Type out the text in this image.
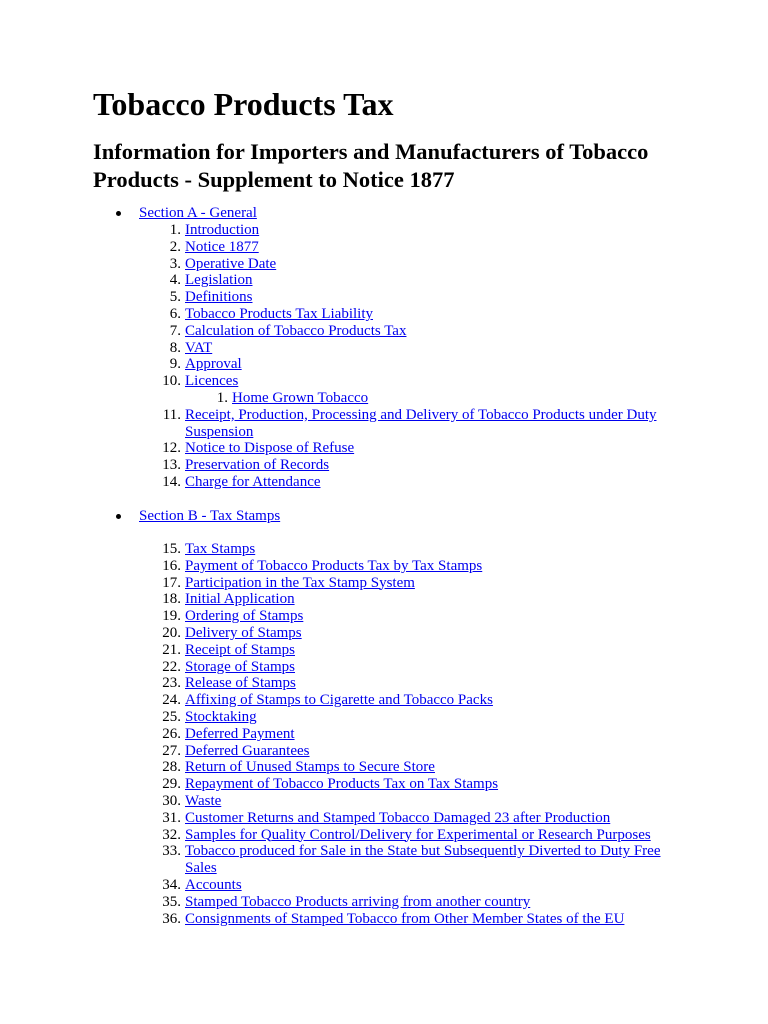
Tobacco Products Tax
Information for Importers and Manufacturers of Tobacco Products - Supplement to Notice 1877
Section A - General
1. Introduction
2. Notice 1877
3. Operative Date
4. Legislation
5. Definitions
6. Tobacco Products Tax Liability
7. Calculation of Tobacco Products Tax
8. VAT
9. Approval
10. Licences
1. Home Grown Tobacco
11. Receipt, Production, Processing and Delivery of Tobacco Products under Duty Suspension
12. Notice to Dispose of Refuse
13. Preservation of Records
14. Charge for Attendance
Section B - Tax Stamps
15. Tax Stamps
16. Payment of Tobacco Products Tax by Tax Stamps
17. Participation in the Tax Stamp System
18. Initial Application
19. Ordering of Stamps
20. Delivery of Stamps
21. Receipt of Stamps
22. Storage of Stamps
23. Release of Stamps
24. Affixing of Stamps to Cigarette and Tobacco Packs
25. Stocktaking
26. Deferred Payment
27. Deferred Guarantees
28. Return of Unused Stamps to Secure Store
29. Repayment of Tobacco Products Tax on Tax Stamps
30. Waste
31. Customer Returns and Stamped Tobacco Damaged 23 after Production
32. Samples for Quality Control/Delivery for Experimental or Research Purposes
33. Tobacco produced for Sale in the State but Subsequently Diverted to Duty Free Sales
34. Accounts
35. Stamped Tobacco Products arriving from another country
36. Consignments of Stamped Tobacco from Other Member States of the EU
